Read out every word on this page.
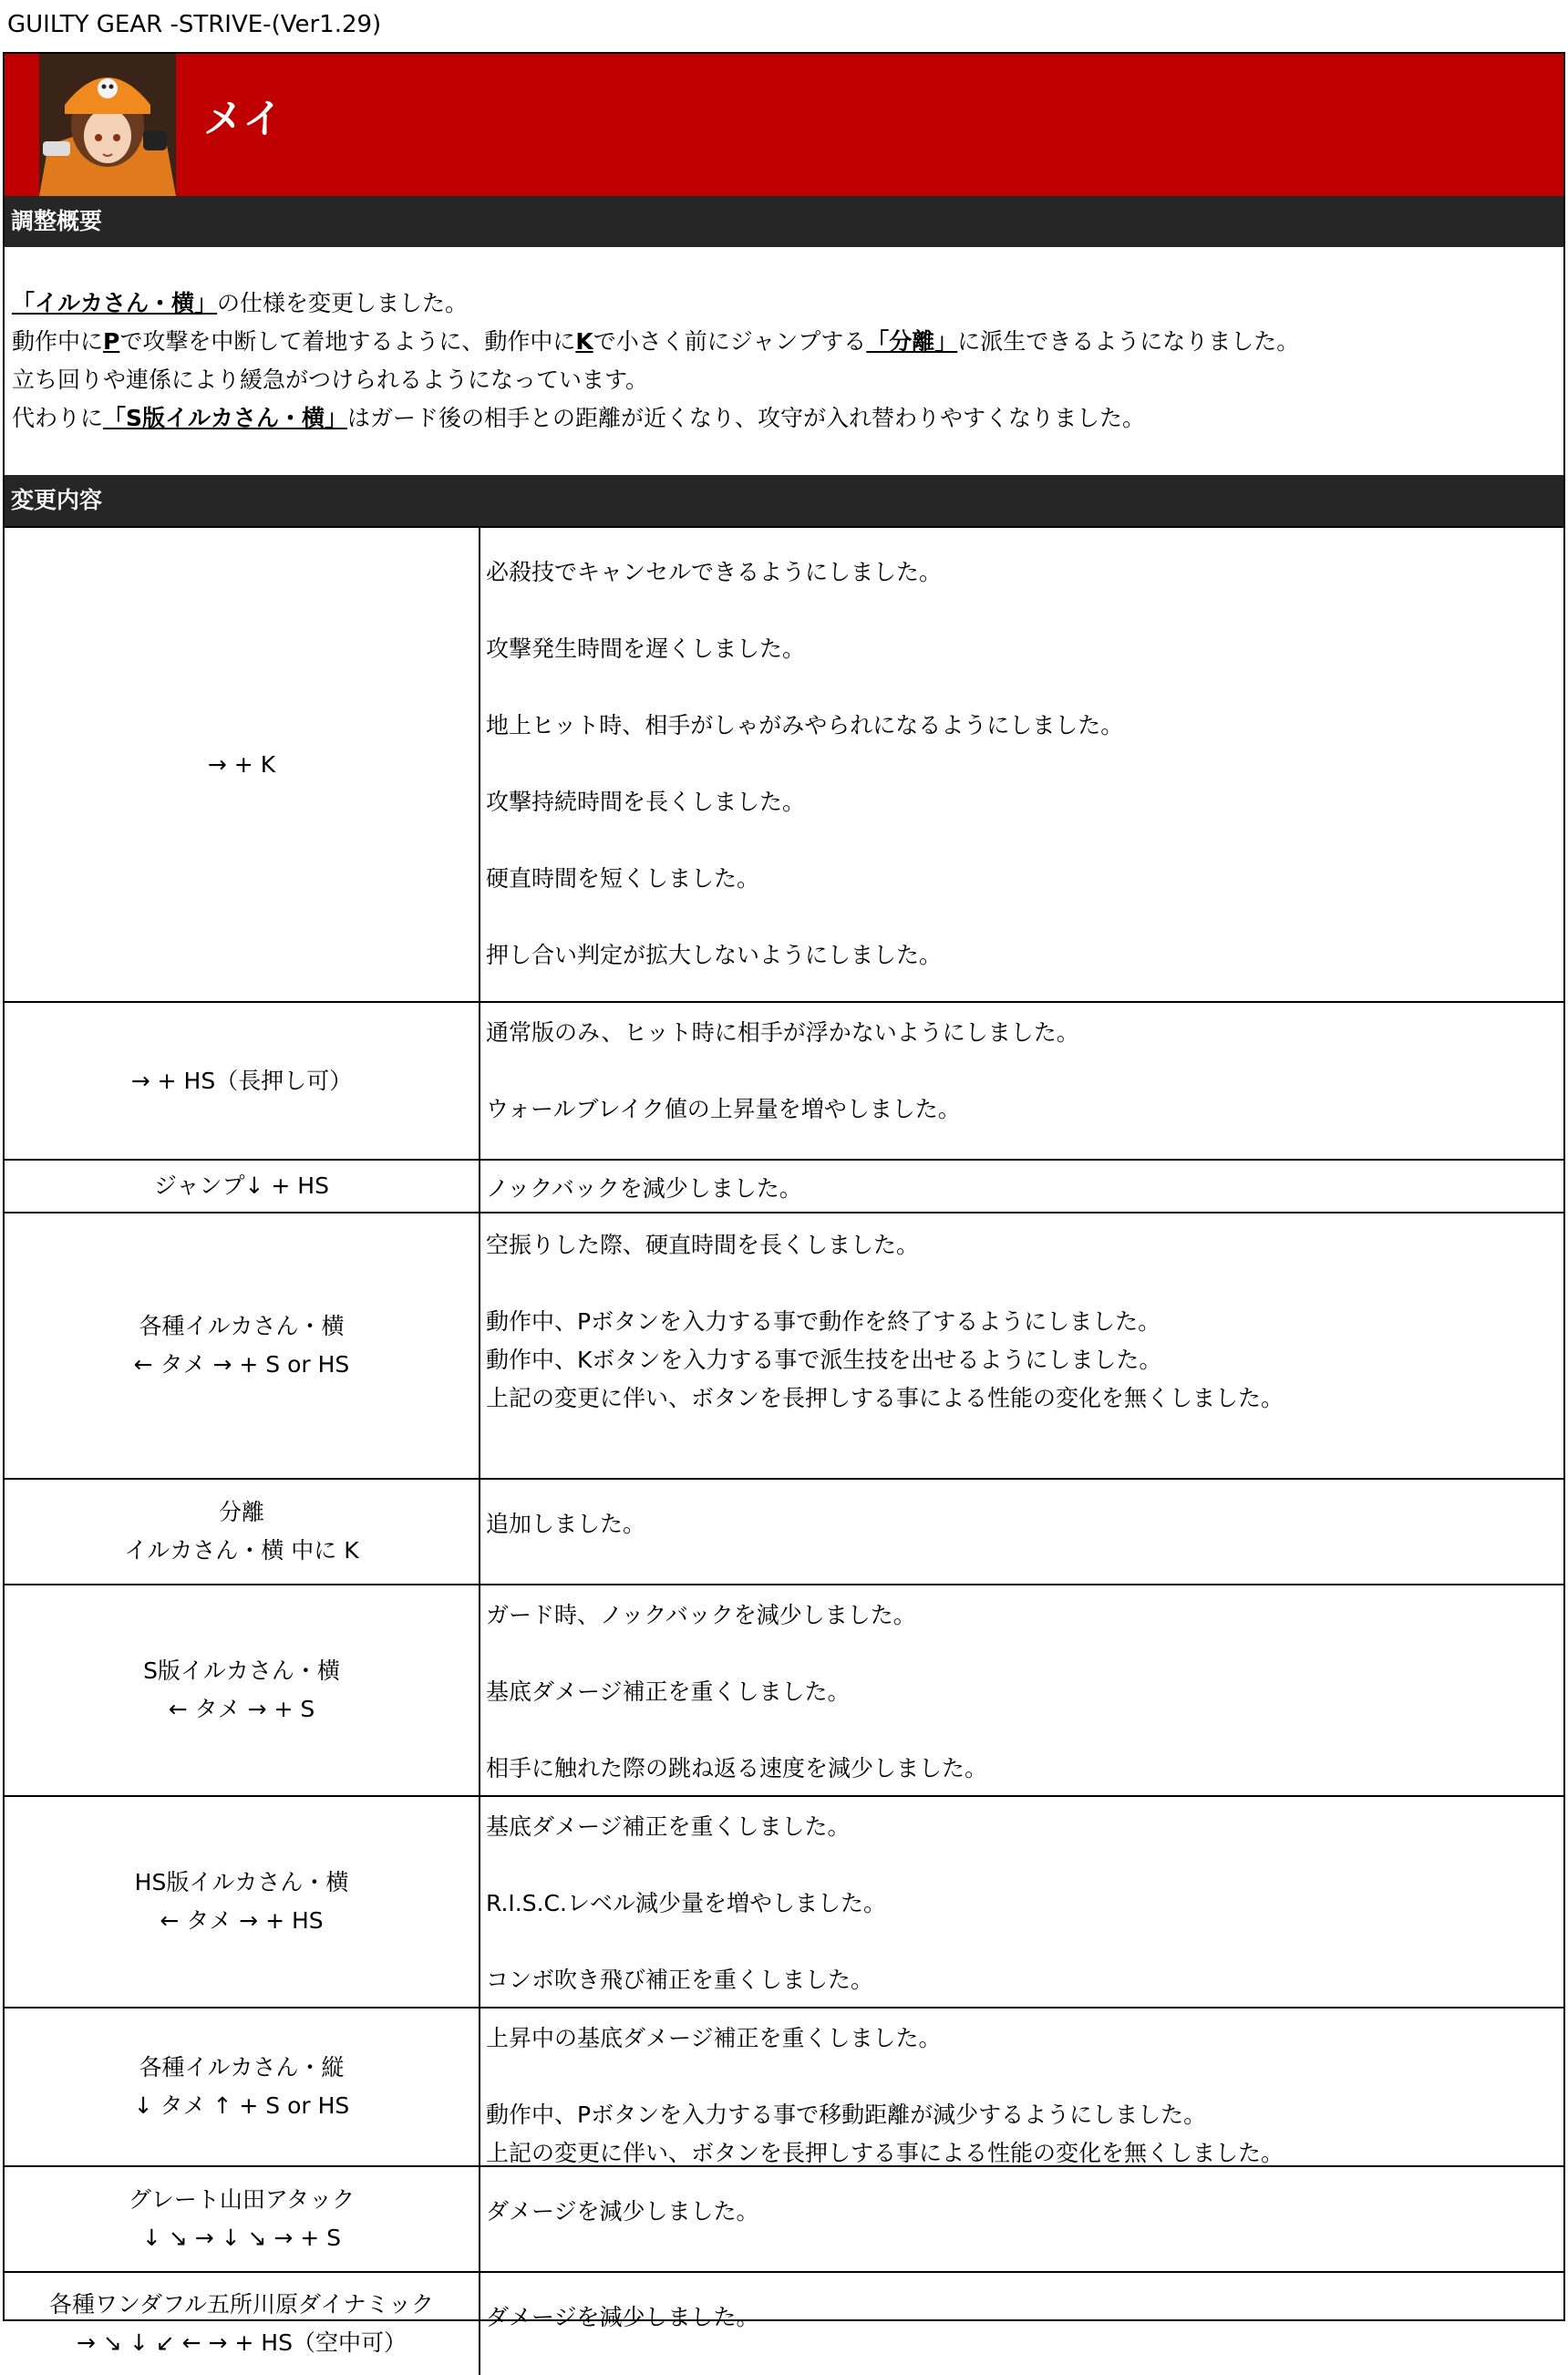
GUILTY GEAR -STRIVE-(Ver1.29)
メイ
調整概要

「イルカさん・横」の仕様を変更しました。

動作中にPで攻撃を中断して着地するように、動作中にKで小さく前にジャンプする「分離」に派生できるようになりました。

立ち回りや連係により緩急がつけられるようになっています。

代わりに「S版イルカさん・横」はガード後の相手との距離が近くなり、攻守が入れ替わりやすくなりました。

変更内容
→ + K
必殺技でキャンセルできるようにしました。
攻撃発生時間を遅くしました。
地上ヒット時、相手がしゃがみやられになるようにしました。
攻撃持続時間を長くしました。
硬直時間を短くしました。
押し合い判定が拡大しないようにしました。
→ + HS（長押し可）
通常版のみ、ヒット時に相手が浮かないようにしました。
ウォールブレイク値の上昇量を増やしました。
ジャンプ↓ + HS	ノックバックを減少しました。
各種イルカさん・横
← タメ → + S or HS
空振りした際、硬直時間を長くしました。
動作中、Pボタンを入力する事で動作を終了するようにしました。
動作中、Kボタンを入力する事で派生技を出せるようにしました。
上記の変更に伴い、ボタンを長押しする事による性能の変化を無くしました。
分離
イルカさん・横 中に K
追加しました。
S版イルカさん・横
← タメ → + S
ガード時、ノックバックを減少しました。
基底ダメージ補正を重くしました。
相手に触れた際の跳ね返る速度を減少しました。
HS版イルカさん・横
← タメ → + HS
基底ダメージ補正を重くしました。
R.I.S.C.レベル減少量を増やしました。
コンボ吹き飛び補正を重くしました。
各種イルカさん・縦
↓ タメ ↑ + S or HS
上昇中の基底ダメージ補正を重くしました。
動作中、Pボタンを入力する事で移動距離が減少するようにしました。
上記の変更に伴い、ボタンを長押しする事による性能の変化を無くしました。
グレート山田アタック
↓ ↘ → ↓ ↘ → + S
ダメージを減少しました。
各種ワンダフル五所川原ダイナミック
→ ↘ ↓ ↙ ← → + HS（空中可）
ダメージを減少しました。
